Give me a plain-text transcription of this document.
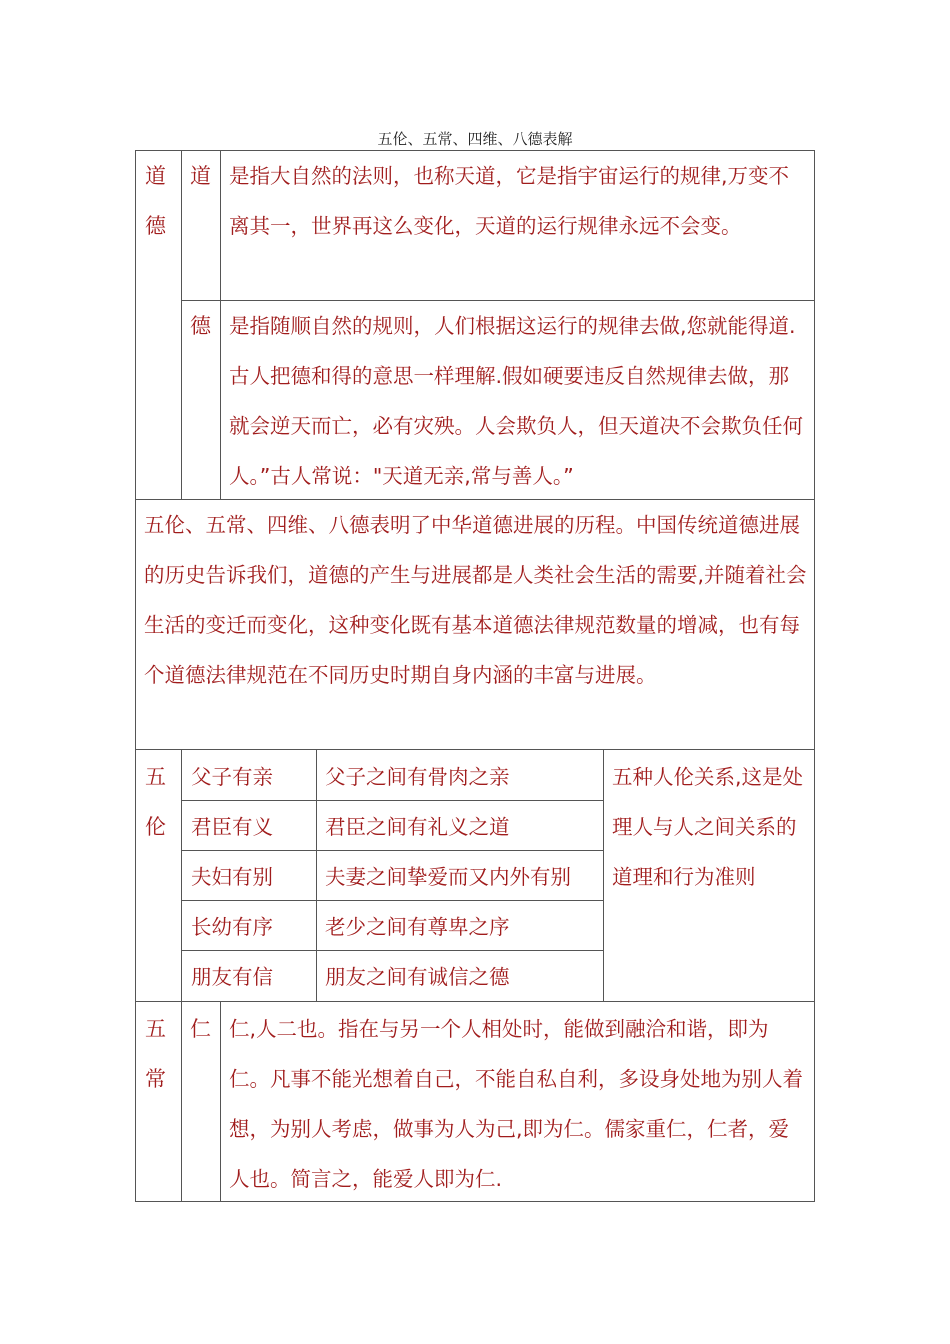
五伦、五常、四维、八德表解
道德
道 是指大自然的法则，也称天道，它是指宇宙运行的规律,万变不离其一，世界再这么变化，天道的运行规律永远不会变。
德 是指随顺自然的规则，人们根据这运行的规律去做,您就能得道.古人把德和得的意思一样理解.假如硬要违反自然规律去做，那就会逆天而亡，必有灾殃。人会欺负人，但天道决不会欺负任何人。”古人常说："天道无亲,常与善人。”
五伦、五常、四维、八德表明了中华道德进展的历程。中国传统道德进展的历史告诉我们，道德的产生与进展都是人类社会生活的需要,并随着社会生活的变迁而变化，这种变化既有基本道德法律规范数量的增减，也有每个道德法律规范在不同历史时期自身内涵的丰富与进展。
五伦
父子有亲	父子之间有骨肉之亲
君臣有义	君臣之间有礼义之道
夫妇有别	夫妻之间挚爱而又内外有别
长幼有序	老少之间有尊卑之序
朋友有信	朋友之间有诚信之德
五种人伦关系,这是处理人与人之间关系的道理和行为准则
五常
仁 仁,人二也。指在与另一个人相处时，能做到融洽和谐，即为仁。凡事不能光想着自己，不能自私自利，多设身处地为别人着想，为别人考虑，做事为人为己,即为仁。儒家重仁，仁者，爱人也。简言之，能爱人即为仁.
